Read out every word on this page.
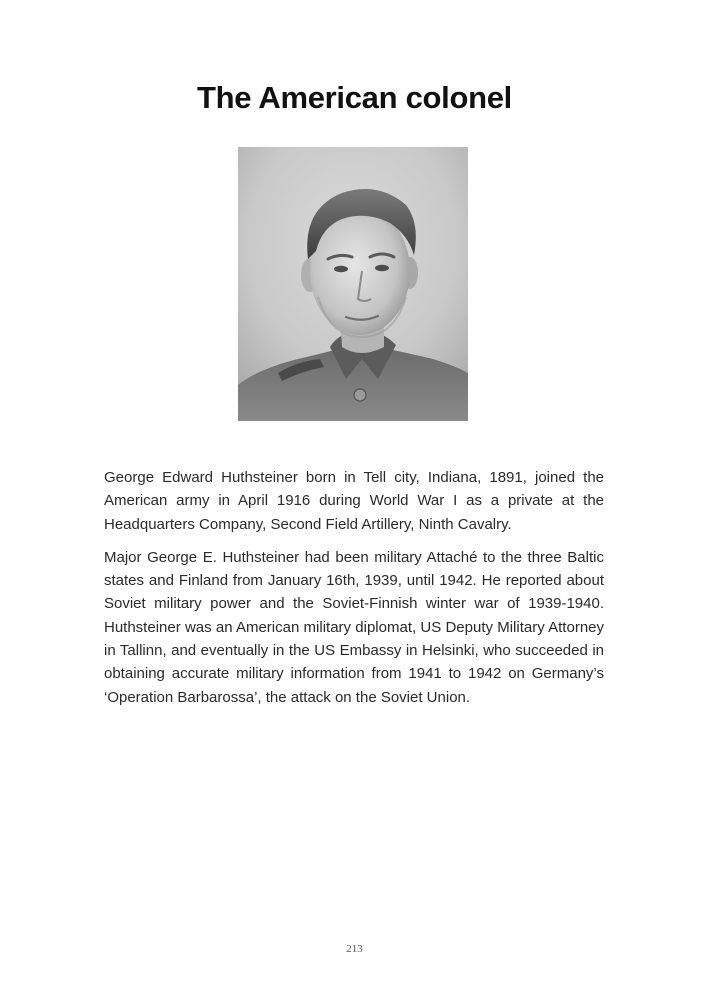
The American colonel

George Edward Huthsteiner born in Tell city, Indiana, 1891, joined the American army in April 1916 during World War I as a private at the Headquarters Company, Second Field Artillery, Ninth Cavalry.

Major George E. Huthsteiner had been military Attaché to the three Baltic states and Finland from January 16th, 1939, until 1942. He reported about Soviet military power and the Soviet-Finnish winter war of 1939-1940. Huthsteiner was an American military diplomat, US Deputy Military Attorney in Tallinn, and eventually in the US Embassy in Helsinki, who succeeded in obtaining accurate military information from 1941 to 1942 on Germany’s ‘Operation Barbarossa’, the attack on the Soviet Union.

213
